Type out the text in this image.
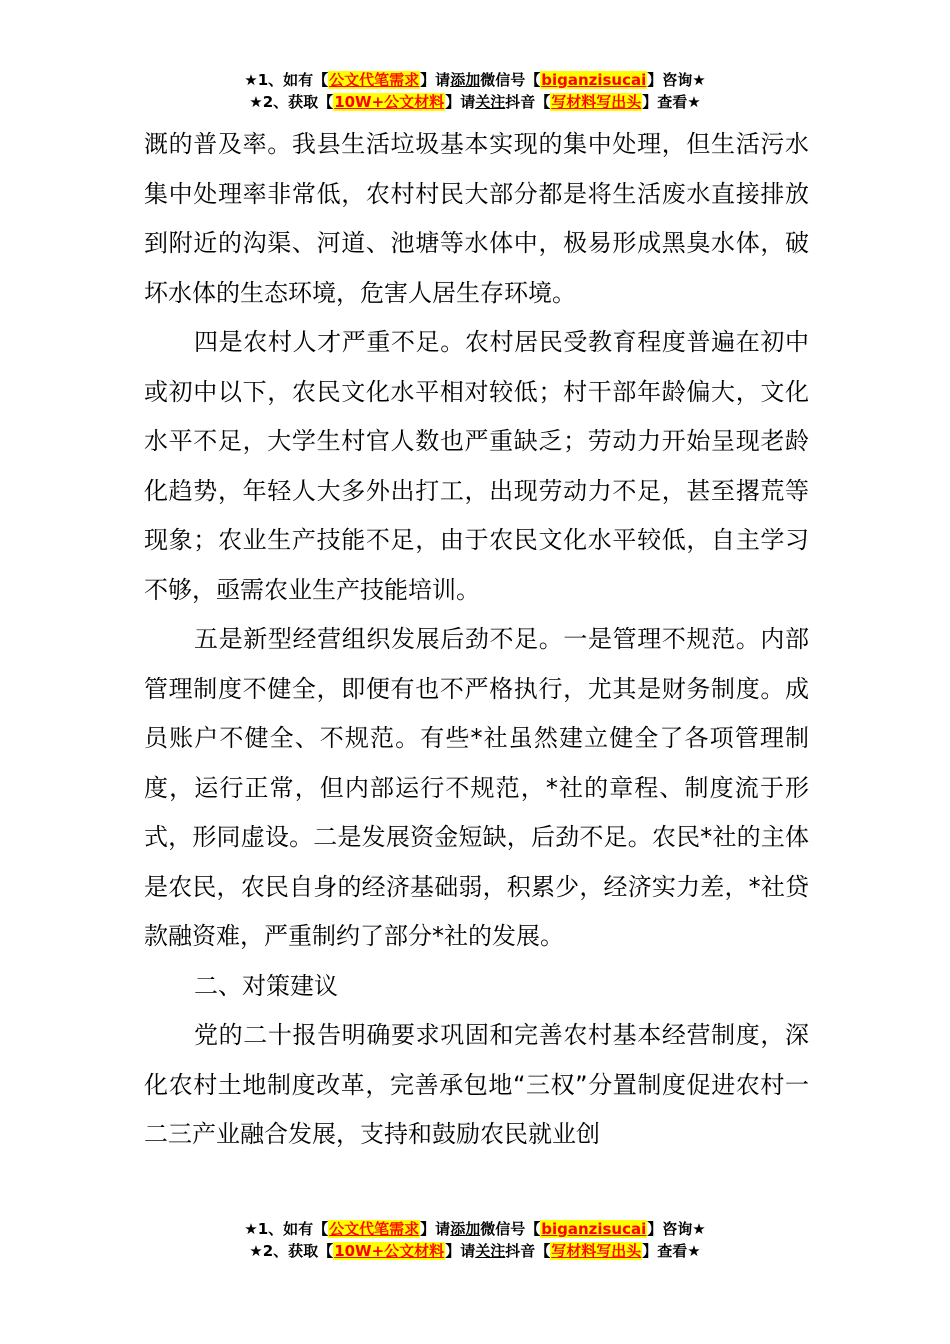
★1、如有【公文代笔需求】请添加微信号【biganzisucai】咨询★
★2、获取【10W+公文材料】请关注抖音【写材料写出头】查看★

溉的普及率。我县生活垃圾基本实现的集中处理，但生活污水集中处理率非常低，农村村民大部分都是将生活废水直接排放到附近的沟渠、河道、池塘等水体中，极易形成黑臭水体，破坏水体的生态环境，危害人居生存环境。

四是农村人才严重不足。农村居民受教育程度普遍在初中或初中以下，农民文化水平相对较低；村干部年龄偏大，文化水平不足，大学生村官人数也严重缺乏；劳动力开始呈现老龄化趋势，年轻人大多外出打工，出现劳动力不足，甚至撂荒等现象；农业生产技能不足，由于农民文化水平较低，自主学习不够，亟需农业生产技能培训。

五是新型经营组织发展后劲不足。一是管理不规范。内部管理制度不健全，即便有也不严格执行，尤其是财务制度。成员账户不健全、不规范。有些*社虽然建立健全了各项管理制度，运行正常，但内部运行不规范，*社的章程、制度流于形式，形同虚设。二是发展资金短缺，后劲不足。农民*社的主体是农民，农民自身的经济基础弱，积累少，经济实力差，*社贷款融资难，严重制约了部分*社的发展。

二、对策建议

党的二十报告明确要求巩固和完善农村基本经营制度，深化农村土地制度改革，完善承包地“三权”分置制度促进农村一二三产业融合发展，支持和鼓励农民就业创

★1、如有【公文代笔需求】请添加微信号【biganzisucai】咨询★
★2、获取【10W+公文材料】请关注抖音【写材料写出头】查看★
